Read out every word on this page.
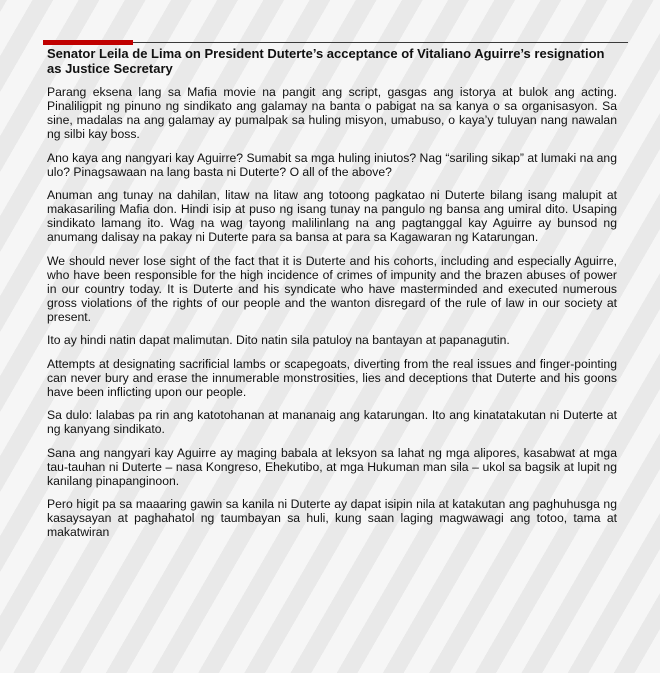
Senator Leila de Lima on President Duterte’s acceptance of Vitaliano Aguirre’s resignation as Justice Secretary

Parang eksena lang sa Mafia movie na pangit ang script, gasgas ang istorya at bulok ang acting. Pinaliligpit ng pinuno ng sindikato ang galamay na banta o pabigat na sa kanya o sa organisasyon. Sa sine, madalas na ang galamay ay pumalpak sa huling misyon, umabuso, o kaya’y tuluyan nang nawalan ng silbi kay boss.

Ano kaya ang nangyari kay Aguirre? Sumabit sa mga huling iniutos? Nag “sariling sikap” at lumaki na ang ulo? Pinagsawaan na lang basta ni Duterte? O all of the above?

Anuman ang tunay na dahilan, litaw na litaw ang totoong pagkatao ni Duterte bilang isang malupit at makasariling Mafia don. Hindi isip at puso ng isang tunay na pangulo ng bansa ang umiral dito. Usaping sindikato lamang ito. Wag na wag tayong malilinlang na ang pagtanggal kay Aguirre ay bunsod ng anumang dalisay na pakay ni Duterte para sa bansa at para sa Kagawaran ng Katarungan.

We should never lose sight of the fact that it is Duterte and his cohorts, including and especially Aguirre, who have been responsible for the high incidence of crimes of impunity and the brazen abuses of power in our country today. It is Duterte and his syndicate who have masterminded and executed numerous gross violations of the rights of our people and the wanton disregard of the rule of law in our society at present.

Ito ay hindi natin dapat malimutan. Dito natin sila patuloy na bantayan at papanagutin.

Attempts at designating sacrificial lambs or scapegoats, diverting from the real issues and finger-pointing can never bury and erase the innumerable monstrosities, lies and deceptions that Duterte and his goons have been inflicting upon our people.

Sa dulo: lalabas pa rin ang katotohanan at mananaig ang katarungan. Ito ang kinatatakutan ni Duterte at ng kanyang sindikato.

Sana ang nangyari kay Aguirre ay maging babala at leksyon sa lahat ng mga alipores, kasabwat at mga tau-tauhan ni Duterte – nasa Kongreso, Ehekutibo, at mga Hukuman man sila – ukol sa bagsik at lupit ng kanilang pinapanginoon.

Pero higit pa sa maaaring gawin sa kanila ni Duterte ay dapat isipin nila at katakutan ang paghuhusga ng kasaysayan at paghahatol ng taumbayan sa huli, kung saan laging magwawagi ang totoo, tama at makatwiran
